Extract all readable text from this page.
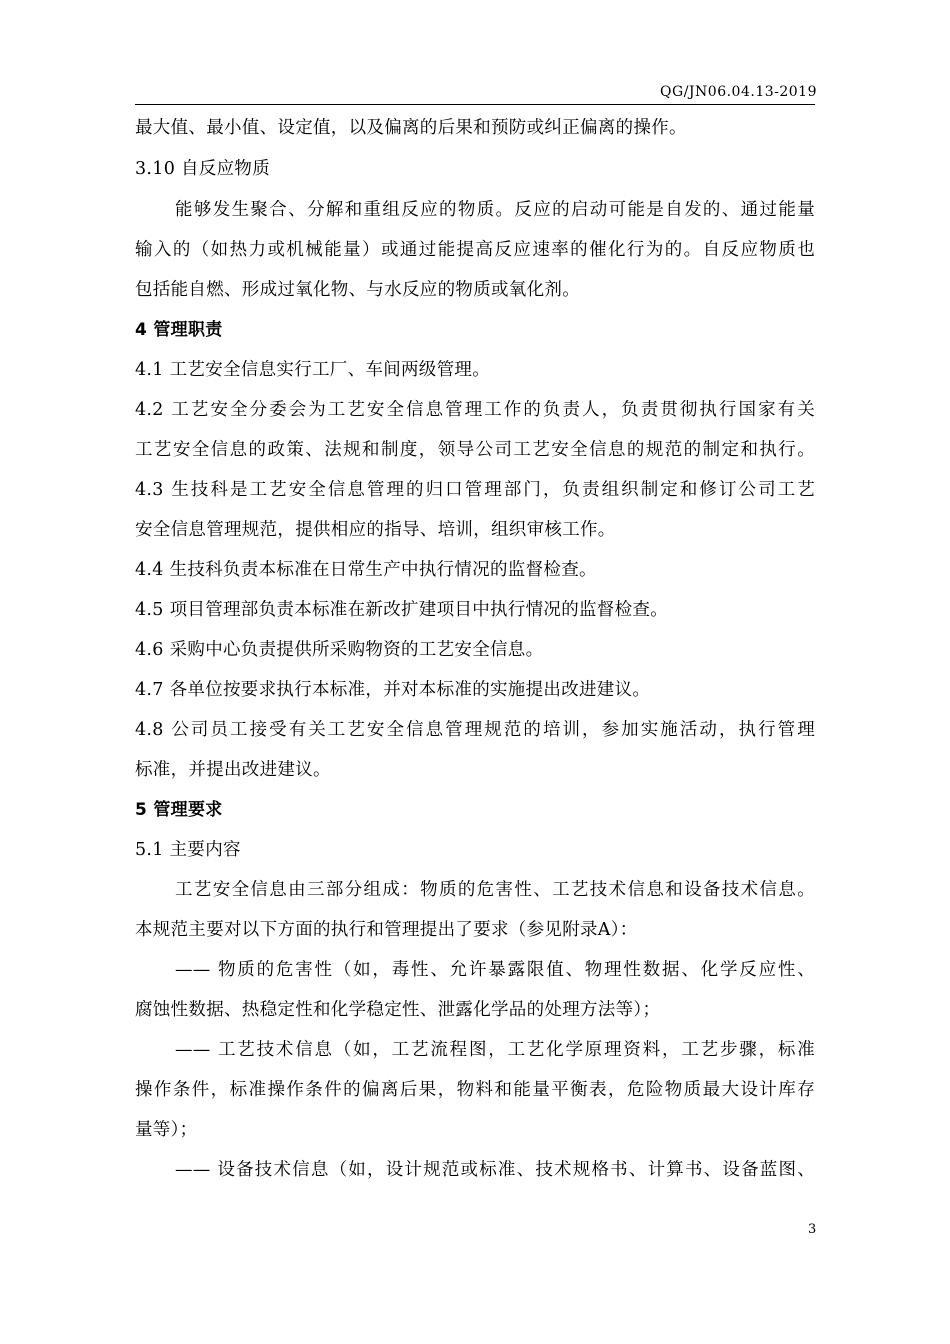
QG/JN06.04.13-2019
最大值、最小值、设定值，以及偏离的后果和预防或纠正偏离的操作。
3.10 自反应物质
能够发生聚合、分解和重组反应的物质。反应的启动可能是自发的、通过能量
输入的（如热力或机械能量）或通过能提高反应速率的催化行为的。自反应物质也
包括能自燃、形成过氧化物、与水反应的物质或氧化剂。
4 管理职责
4.1 工艺安全信息实行工厂、车间两级管理。
4.2 工艺安全分委会为工艺安全信息管理工作的负责人，负责贯彻执行国家有关
工艺安全信息的政策、法规和制度，领导公司工艺安全信息的规范的制定和执行。
4.3 生技科是工艺安全信息管理的归口管理部门，负责组织制定和修订公司工艺
安全信息管理规范，提供相应的指导、培训，组织审核工作。
4.4 生技科负责本标准在日常生产中执行情况的监督检查。
4.5 项目管理部负责本标准在新改扩建项目中执行情况的监督检查。
4.6 采购中心负责提供所采购物资的工艺安全信息。
4.7 各单位按要求执行本标准，并对本标准的实施提出改进建议。
4.8 公司员工接受有关工艺安全信息管理规范的培训，参加实施活动，执行管理
标准，并提出改进建议。
5 管理要求
5.1 主要内容
工艺安全信息由三部分组成：物质的危害性、工艺技术信息和设备技术信息。
本规范主要对以下方面的执行和管理提出了要求（参见附录A）：
—— 物质的危害性（如，毒性、允许暴露限值、物理性数据、化学反应性、
腐蚀性数据、热稳定性和化学稳定性、泄露化学品的处理方法等）；
—— 工艺技术信息（如，工艺流程图，工艺化学原理资料，工艺步骤，标准
操作条件，标准操作条件的偏离后果，物料和能量平衡表，危险物质最大设计库存
量等）；
—— 设备技术信息（如，设计规范或标准、技术规格书、计算书、设备蓝图、
3
